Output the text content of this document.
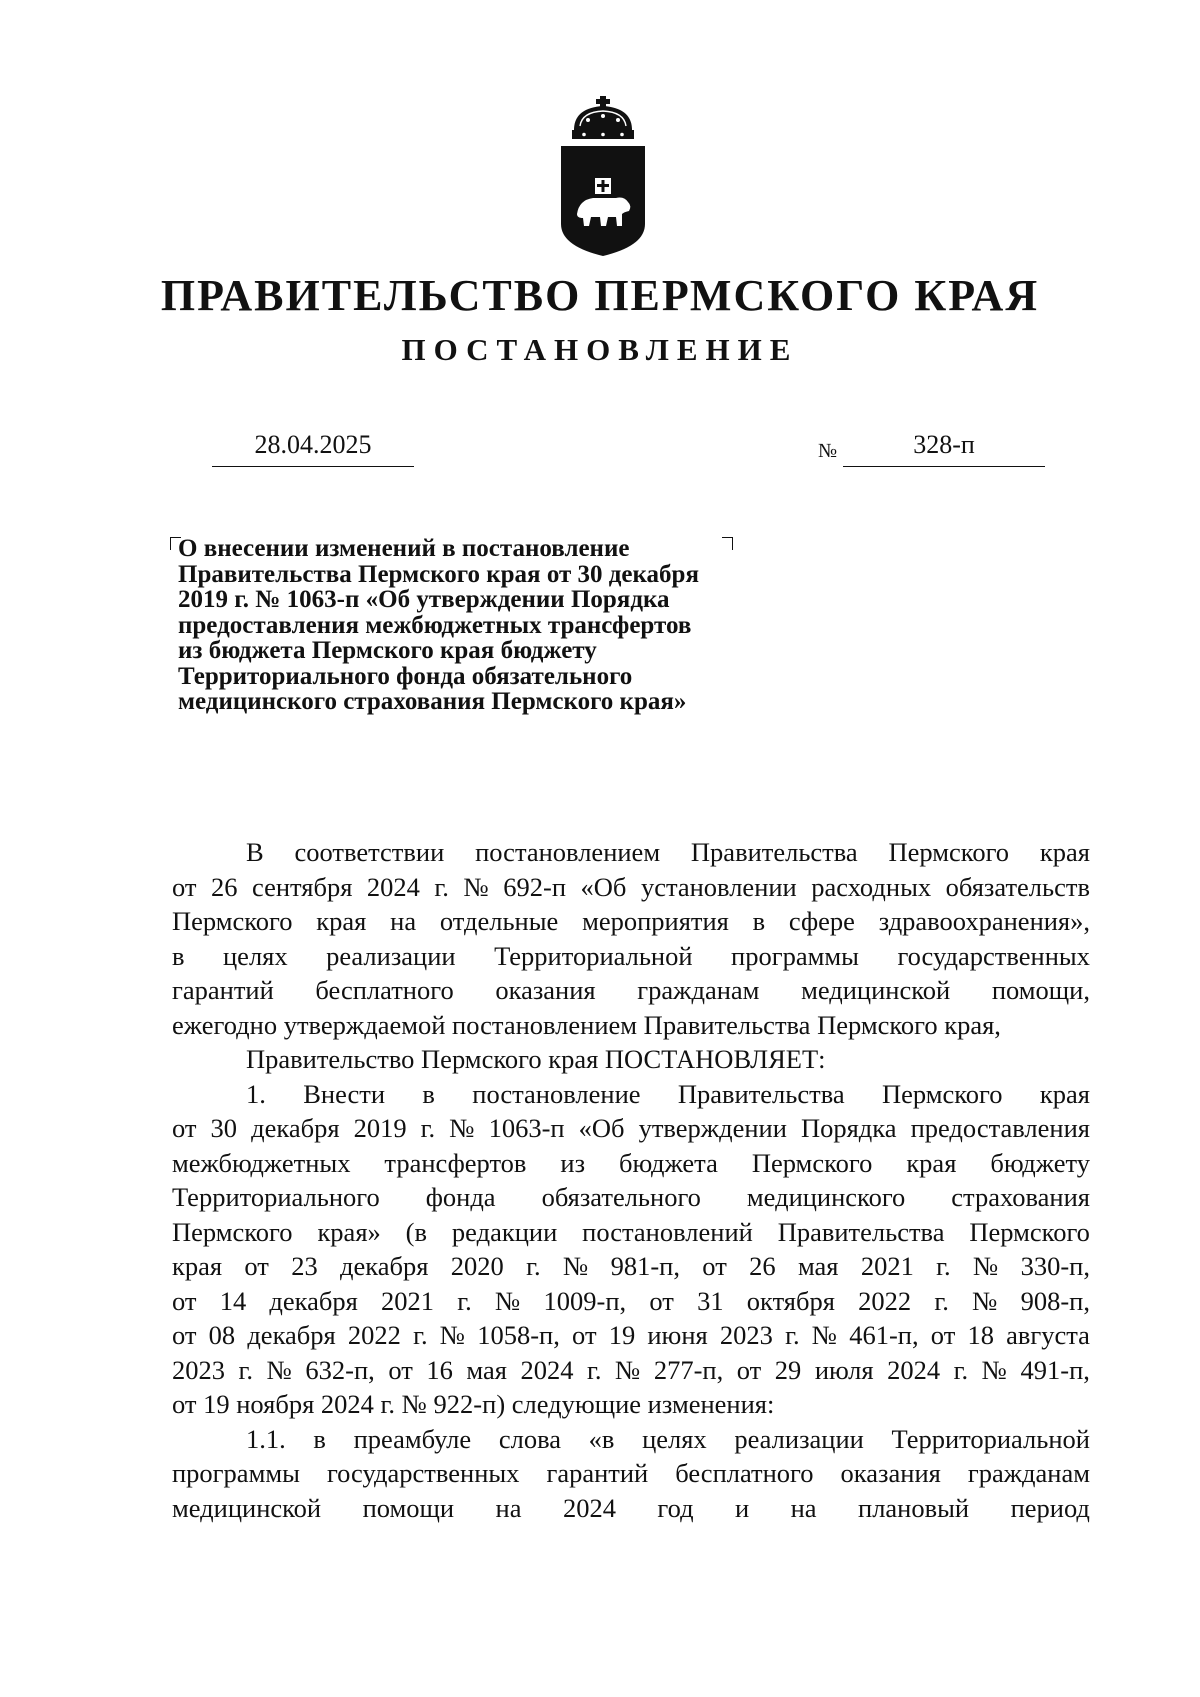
ПРАВИТЕЛЬСТВО ПЕРМСКОГО КРАЯ
ПОСТАНОВЛЕНИЕ
28.04.2025	№	328-п
О внесении изменений в постановление
Правительства Пермского края от 30 декабря
2019 г. № 1063-п «Об утверждении Порядка
предоставления межбюджетных трансфертов
из бюджета Пермского края бюджету
Территориального фонда обязательного
медицинского страхования Пермского края»
В соответствии постановлением Правительства Пермского края
от 26 сентября 2024 г. № 692-п «Об установлении расходных обязательств
Пермского края на отдельные мероприятия в сфере здравоохранения»,
в целях реализации Территориальной программы государственных
гарантий бесплатного оказания гражданам медицинской помощи,
ежегодно утверждаемой постановлением Правительства Пермского края,
Правительство Пермского края ПОСТАНОВЛЯЕТ:
1. Внести в постановление Правительства Пермского края
от 30 декабря 2019 г. № 1063-п «Об утверждении Порядка предоставления
межбюджетных трансфертов из бюджета Пермского края бюджету
Территориального фонда обязательного медицинского страхования
Пермского края» (в редакции постановлений Правительства Пермского
края от 23 декабря 2020 г. № 981-п, от 26 мая 2021 г. № 330-п,
от 14 декабря 2021 г. № 1009-п, от 31 октября 2022 г. № 908-п,
от 08 декабря 2022 г. № 1058-п, от 19 июня 2023 г. № 461-п, от 18 августа
2023 г. № 632-п, от 16 мая 2024 г. № 277-п, от 29 июля 2024 г. № 491-п,
от 19 ноября 2024 г. № 922-п) следующие изменения:
1.1. в преамбуле слова «в целях реализации Территориальной
программы государственных гарантий бесплатного оказания гражданам
медицинской помощи на 2024 год и на плановый период
